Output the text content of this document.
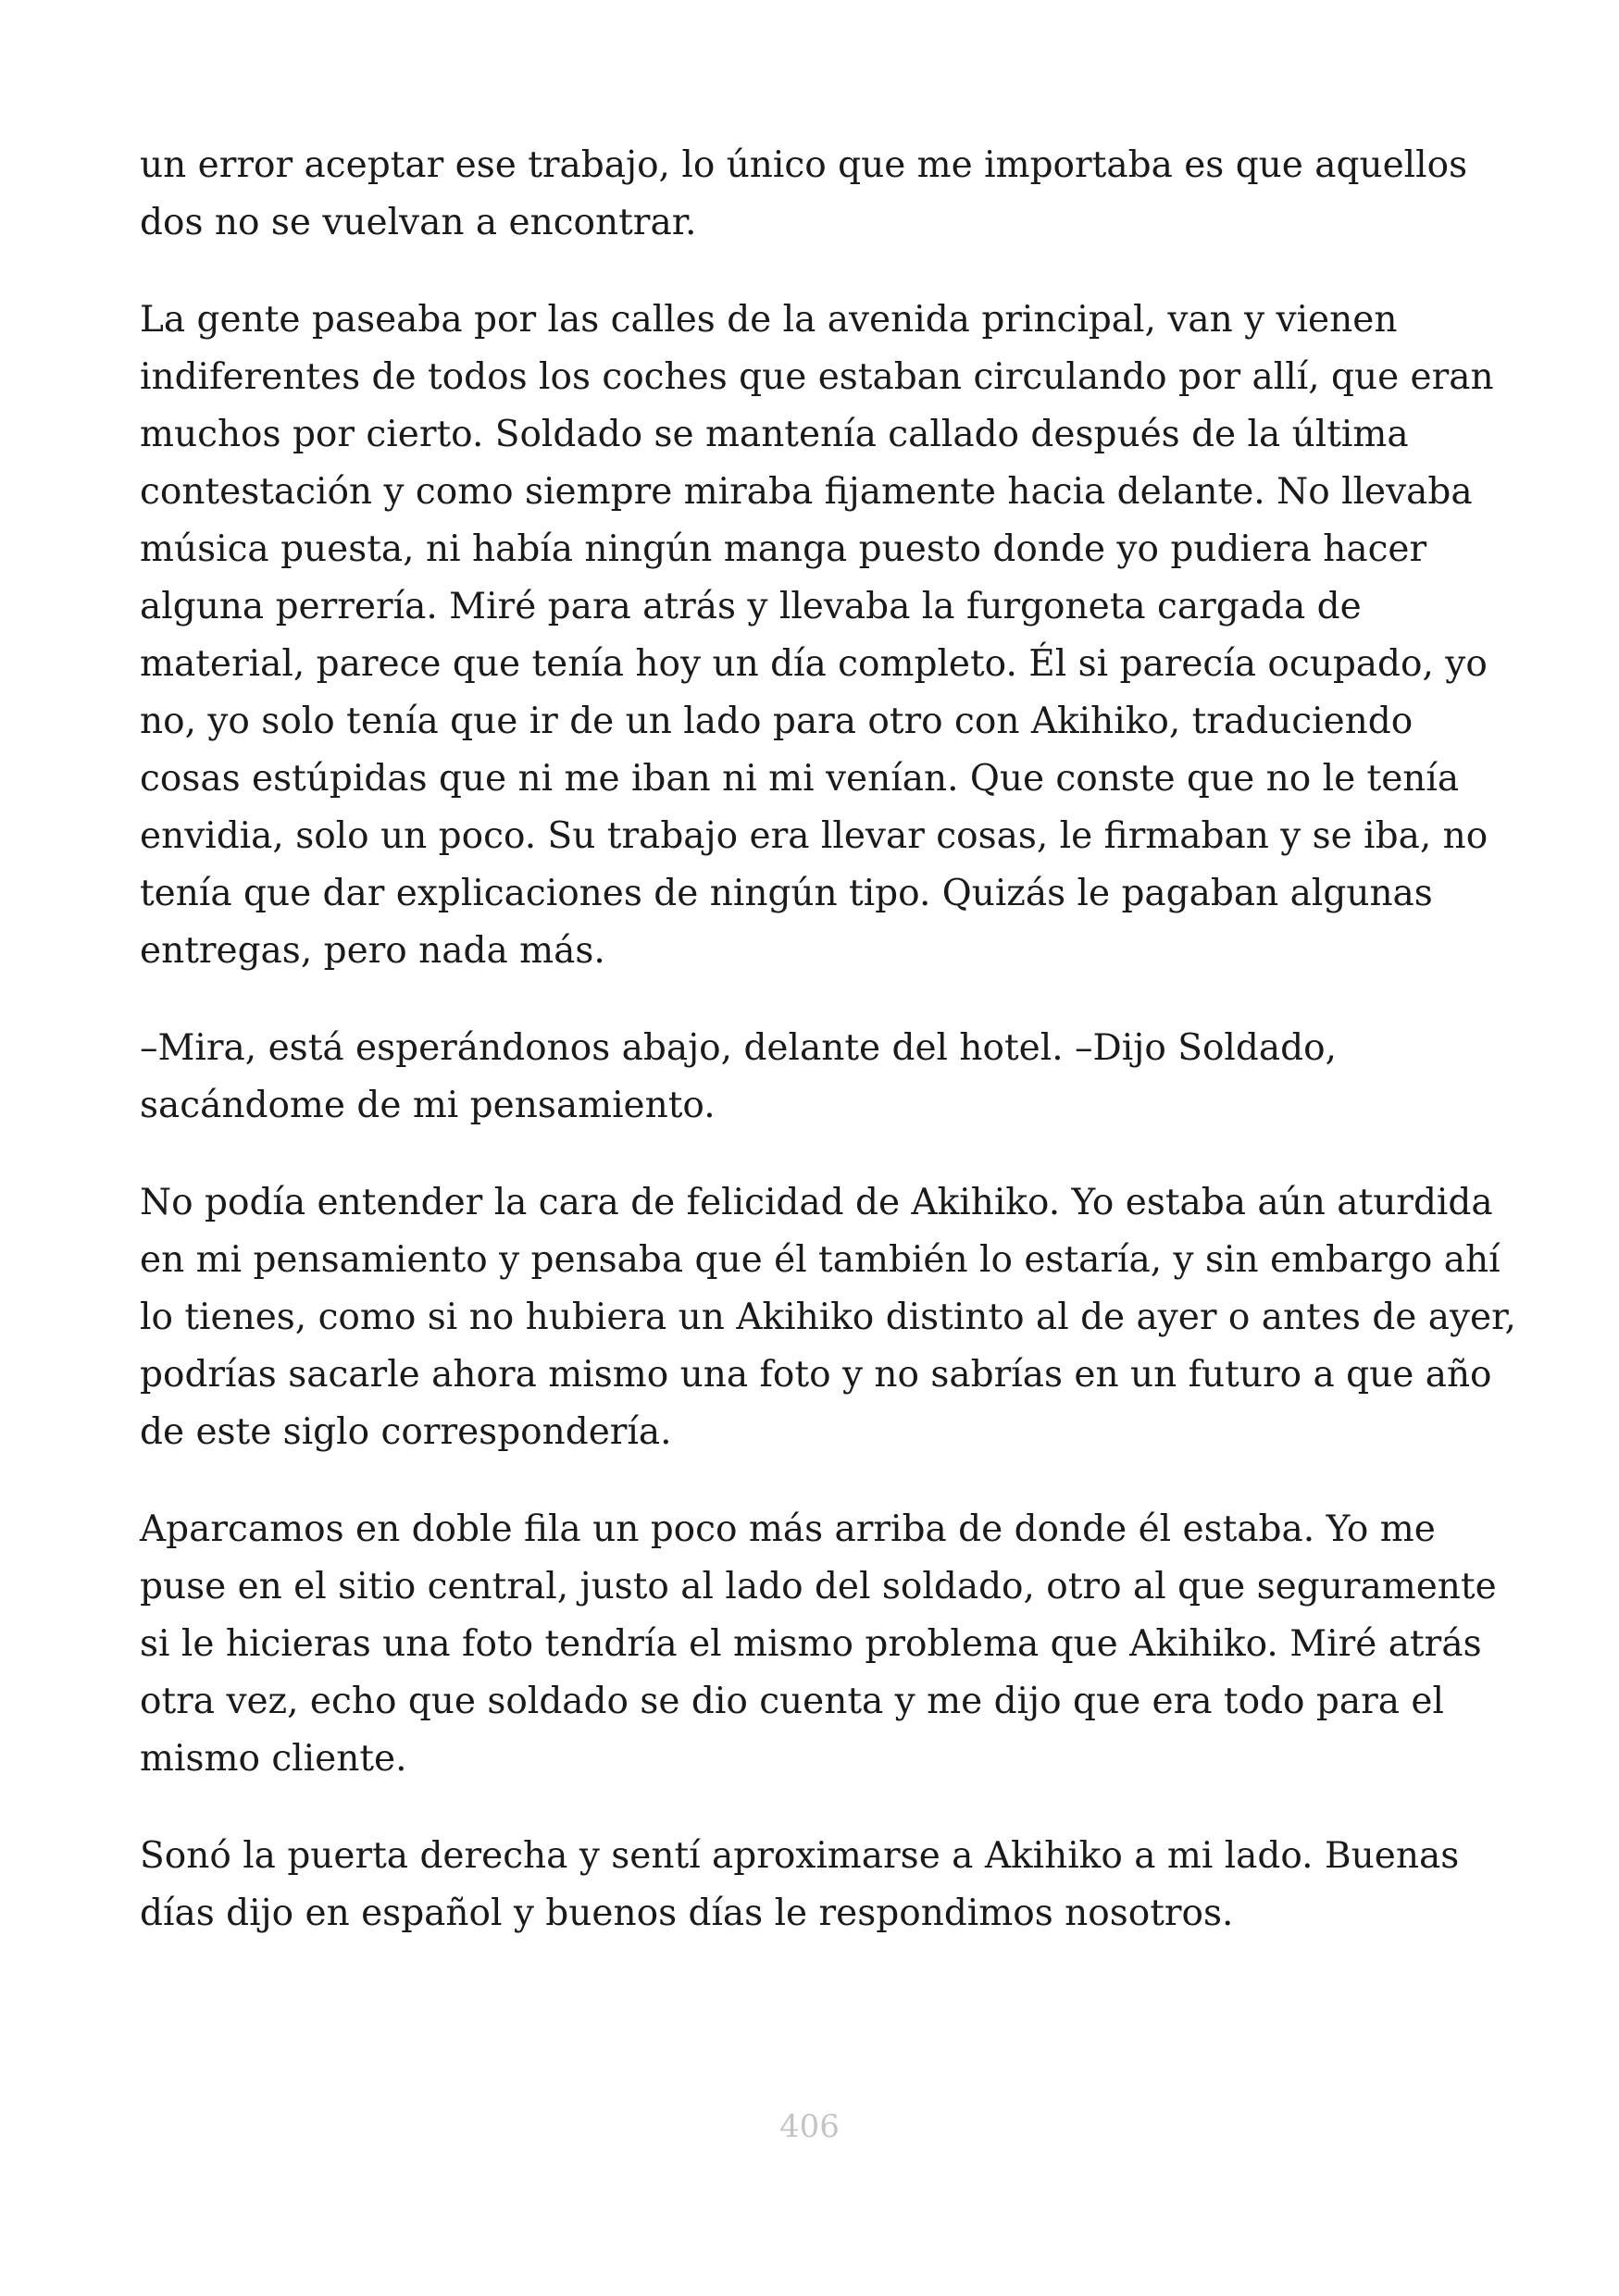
un error aceptar ese trabajo, lo único que me importaba es que aquellos
dos no se vuelvan a encontrar.
La gente paseaba por las calles de la avenida principal, van y vienen
indiferentes de todos los coches que estaban circulando por allí, que eran
muchos por cierto. Soldado se mantenía callado después de la última
contestación y como siempre miraba fijamente hacia delante. No llevaba
música puesta, ni había ningún manga puesto donde yo pudiera hacer
alguna perrería. Miré para atrás y llevaba la furgoneta cargada de
material, parece que tenía hoy un día completo. Él si parecía ocupado, yo
no, yo solo tenía que ir de un lado para otro con Akihiko, traduciendo
cosas estúpidas que ni me iban ni mi venían. Que conste que no le tenía
envidia, solo un poco. Su trabajo era llevar cosas, le firmaban y se iba, no
tenía que dar explicaciones de ningún tipo. Quizás le pagaban algunas
entregas, pero nada más.
–Mira, está esperándonos abajo, delante del hotel. –Dijo Soldado,
sacándome de mi pensamiento.
No podía entender la cara de felicidad de Akihiko. Yo estaba aún aturdida
en mi pensamiento y pensaba que él también lo estaría, y sin embargo ahí
lo tienes, como si no hubiera un Akihiko distinto al de ayer o antes de ayer,
podrías sacarle ahora mismo una foto y no sabrías en un futuro a que año
de este siglo correspondería.
Aparcamos en doble fila un poco más arriba de donde él estaba. Yo me
puse en el sitio central, justo al lado del soldado, otro al que seguramente
si le hicieras una foto tendría el mismo problema que Akihiko. Miré atrás
otra vez, echo que soldado se dio cuenta y me dijo que era todo para el
mismo cliente.
Sonó la puerta derecha y sentí aproximarse a Akihiko a mi lado. Buenas
días dijo en español y buenos días le respondimos nosotros.
406
